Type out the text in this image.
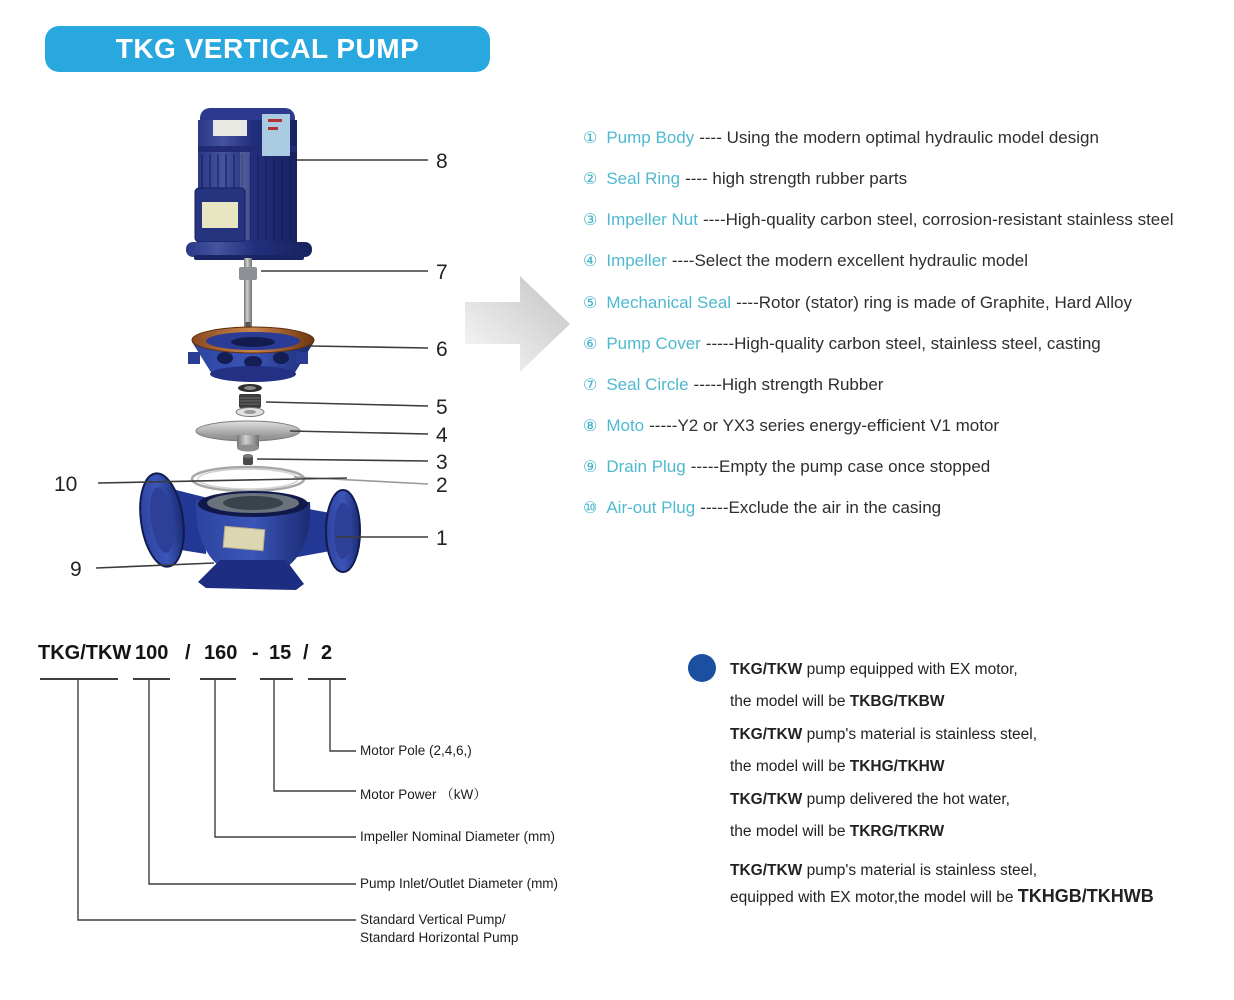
TKG VERTICAL PUMP
8
7
6
5
4
3
2
1
10
9
① Pump Body ---- Using the modern optimal hydraulic model design
② Seal Ring ---- high strength rubber parts
③ Impeller Nut ----High-quality carbon steel, corrosion-resistant stainless steel
④ Impeller ----Select the modern excellent hydraulic model
⑤ Mechanical Seal ----Rotor (stator) ring is made of Graphite, Hard Alloy
⑥ Pump Cover -----High-quality carbon steel, stainless steel, casting
⑦ Seal Circle -----High strength Rubber
⑧ Moto -----Y2 or YX3 series energy-efficient V1 motor
⑨ Drain Plug -----Empty the pump case once stopped
⑩ Air-out Plug -----Exclude the air in the casing
TKG/TKW 100 / 160 - 15 / 2
Motor Pole (2,4,6,)
Motor Power （kW）
Impeller Nominal Diameter (mm)
Pump Inlet/Outlet Diameter (mm)
Standard Vertical Pump/
Standard Horizontal Pump
TKG/TKW pump equipped with EX motor,
the model will be TKBG/TKBW
TKG/TKW pump's material is stainless steel,
the model will be TKHG/TKHW
TKG/TKW pump delivered the hot water,
the model will be TKRG/TKRW
TKG/TKW pump's material is stainless steel,
equipped with EX motor,the model will be TKHGB/TKHWB
